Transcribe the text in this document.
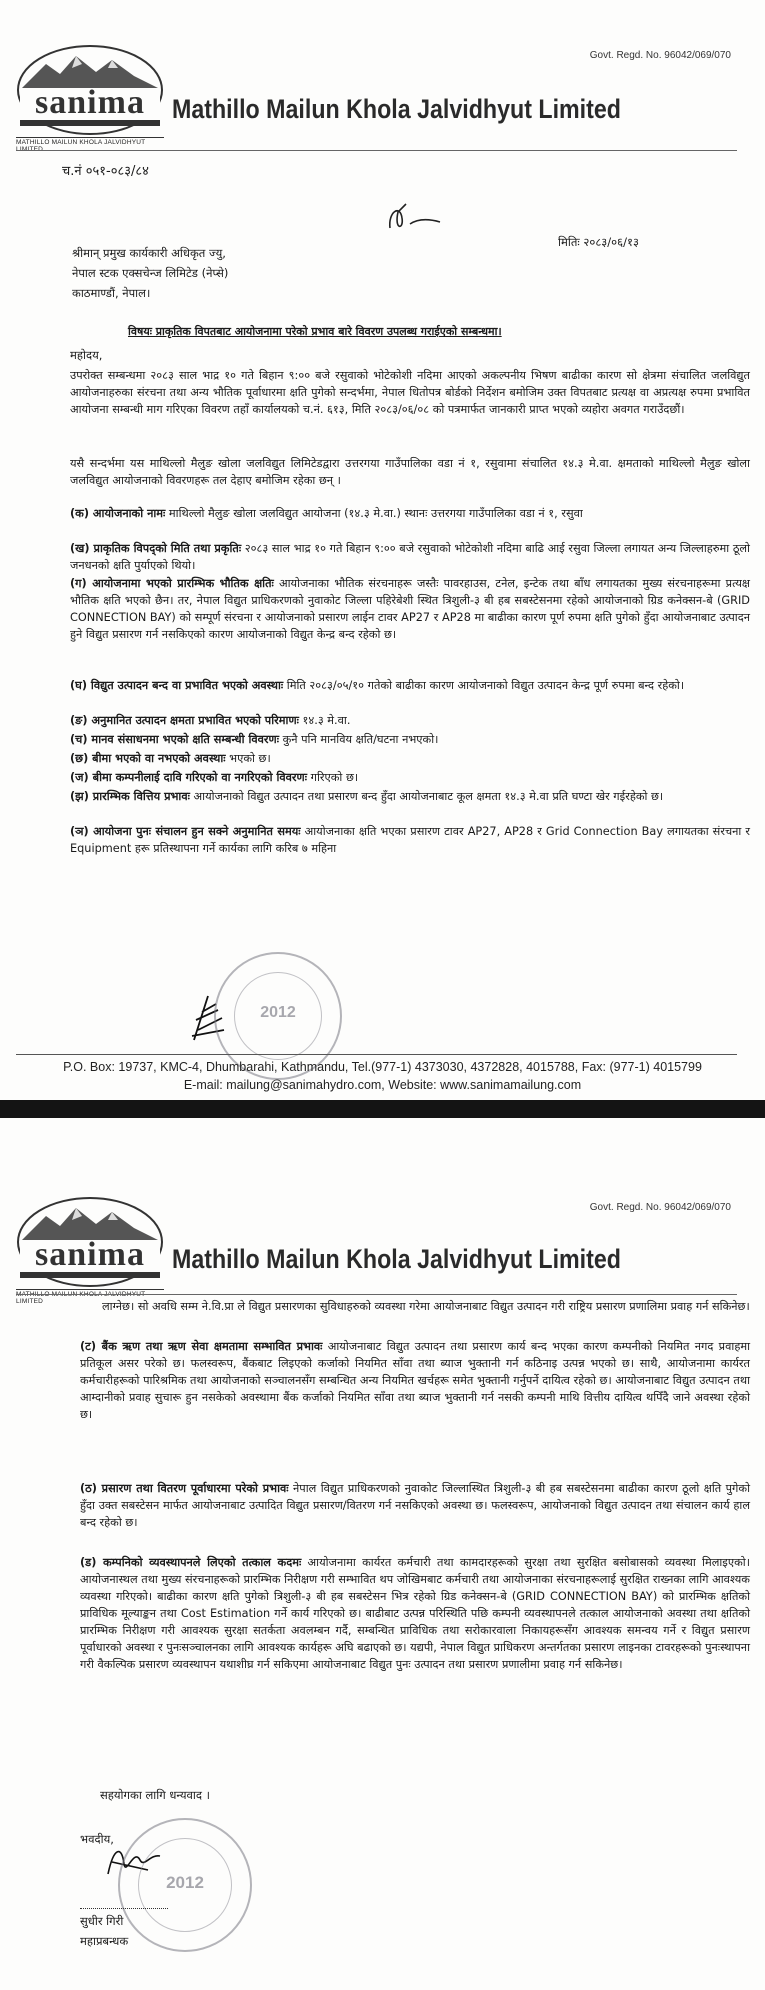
Govt. Regd. No. 96042/069/070
sanima
MATHILLO MAILUN KHOLA JALVIDHYUT
Mathillo Mailun Khola Jalvidhyut Limited
च.नं ०५१-०८३/८४
मितिः २०८३/०६/१३
श्रीमान् प्रमुख कार्यकारी अधिकृत ज्यु,
नेपाल स्टक एक्सचेन्ज लिमिटेड (नेप्से)
काठमाण्डौं, नेपाल।
विषयः प्राकृतिक विपतबाट आयोजनामा परेको प्रभाव बारे विवरण उपलब्ध गराईएको सम्बन्धमा।
महोदय,
उपरोक्त सम्बन्धमा २०८३ साल भाद्र १० गते बिहान ९:०० बजे रसुवाको भोटेकोशी नदिमा आएको अकल्पनीय भिषण बाढीका कारण सो क्षेत्रमा संचालित जलविद्युत आयोजनाहरुका संरचना तथा अन्य भौतिक पूर्वाधारमा क्षति पुगेको सन्दर्भमा, नेपाल धितोपत्र बोर्डको निर्देशन बमोजिम उक्त विपतबाट प्रत्यक्ष वा अप्रत्यक्ष रुपमा प्रभावित आयोजना सम्बन्धी माग गरिएका विवरण तहाँ कार्यालयको च.नं. ६१३, मिति २०८३/०६/०८ को पत्रमार्फत जानकारी प्राप्त भएको व्यहोरा अवगत गराउँदछौं।
यसै सन्दर्भमा यस माथिल्लो मैलुङ खोला जलविद्युत लिमिटेडद्वारा उत्तरगया गाउँपालिका वडा नं १, रसुवामा संचालित १४.३ मे.वा. क्षमताको माथिल्लो मैलुङ खोला जलविद्युत आयोजनाको विवरणहरू तल देहाए बमोजिम रहेका छन् ।
(क) आयोजनाको नामः माथिल्लो मैलुङ खोला जलविद्युत आयोजना (१४.३ मे.वा.) स्थानः उत्तरगया गाउँपालिका वडा नं १, रसुवा
(ख) प्राकृतिक विपद्को मिति तथा प्रकृतिः २०८३ साल भाद्र १० गते बिहान ९:०० बजे रसुवाको भोटेकोशी नदिमा बाढि आई रसुवा जिल्ला लगायत अन्य जिल्लाहरुमा ठूलो जनधनको क्षति पुर्याएको थियो।
(ग) आयोजनामा भएको प्रारम्भिक भौतिक क्षतिः आयोजनाका भौतिक संरचनाहरू जस्तैः पावरहाउस, टनेल, इन्टेक तथा बाँध लगायतका मुख्य संरचनाहरूमा प्रत्यक्ष भौतिक क्षति भएको छैन। तर, नेपाल विद्युत प्राधिकरणको नुवाकोट जिल्ला पहिरेबेशी स्थित त्रिशुली-३ बी हब सबस्टेसनमा रहेको आयोजनाको ग्रिड कनेक्सन-बे (GRID CONNECTION BAY) को सम्पूर्ण संरचना र आयोजनाको प्रसारण लाईन टावर AP27 र AP28 मा बाढीका कारण पूर्ण रुपमा क्षति पुगेको हुँदा आयोजनाबाट उत्पादन हुने विद्युत प्रसारण गर्न नसकिएको कारण आयोजनाको विद्युत केन्द्र बन्द रहेको छ।
(घ) विद्युत उत्पादन बन्द वा प्रभावित भएको अवस्थाः मिति २०८३/०५/१० गतेको बाढीका कारण आयोजनाको विद्युत उत्पादन केन्द्र पूर्ण रुपमा बन्द रहेको।
(ङ) अनुमानित उत्पादन क्षमता प्रभावित भएको परिमाणः १४.३ मे.वा.
(च) मानव संसाधनमा भएको क्षति सम्बन्धी विवरणः कुनै पनि मानविय क्षति/घटना नभएको।
(छ) बीमा भएको वा नभएको अवस्थाः भएको छ।
(ज) बीमा कम्पनीलाई दावि गरिएको वा नगरिएको विवरणः गरिएको छ।
(झ) प्रारम्भिक वित्तिय प्रभावः आयोजनाको विद्युत उत्पादन तथा प्रसारण बन्द हुँदा आयोजनाबाट कूल क्षमता १४.३ मे.वा प्रति घण्टा खेर गईरहेको छ।
(ञ) आयोजना पुनः संचालन हुन सक्ने अनुमानित समयः आयोजनाका क्षति भएका प्रसारण टावर AP27, AP28 र Grid Connection Bay लगायतका संरचना र Equipment हरू प्रतिस्थापना गर्ने कार्यका लागि करिब ७ महिना
2012
P.O. Box: 19737, KMC-4, Dhumbarahi, Kathmandu, Tel.(977-1) 4373030, 4372828, 4015788, Fax: (977-1) 4015799
E-mail: mailung@sanimahydro.com, Website: www.sanimamailung.com
Govt. Regd. No. 96042/069/070
sanima
LIMITED
Mathillo Mailun Khola Jalvidhyut Limited
लाग्नेछ। सो अवधि सम्म ने.वि.प्रा ले विद्युत प्रसारणका सुविधाहरुको व्यवस्था गरेमा आयोजनाबाट विद्युत उत्पादन गरी राष्ट्रिय प्रसारण प्रणालिमा प्रवाह गर्न सकिनेछ।
(ट) बैंक ऋण तथा ऋण सेवा क्षमतामा सम्भावित प्रभावः आयोजनाबाट विद्युत उत्पादन तथा प्रसारण कार्य बन्द भएका कारण कम्पनीको नियमित नगद प्रवाहमा प्रतिकूल असर परेको छ। फलस्वरूप, बैंकबाट लिइएको कर्जाको नियमित साँवा तथा ब्याज भुक्तानी गर्न कठिनाइ उत्पन्न भएको छ। साथै, आयोजनामा कार्यरत कर्मचारीहरूको पारिश्रमिक तथा आयोजनाको सञ्चालनसँग सम्बन्धित अन्य नियमित खर्चहरू समेत भुक्तानी गर्नुपर्ने दायित्व रहेको छ। आयोजनाबाट विद्युत उत्पादन तथा आम्दानीको प्रवाह सुचारू हुन नसकेको अवस्थामा बैंक कर्जाको नियमित साँवा तथा ब्याज भुक्तानी गर्न नसकी कम्पनी माथि वित्तीय दायित्व थपिँदै जाने अवस्था रहेको छ।
(ठ) प्रसारण तथा वितरण पूर्वाधारमा परेको प्रभावः नेपाल विद्युत प्राधिकरणको नुवाकोट जिल्लास्थित त्रिशुली-३ बी हब सबस्टेसनमा बाढीका कारण ठूलो क्षति पुगेको हुँदा उक्त सबस्टेसन मार्फत आयोजनाबाट उत्पादित विद्युत प्रसारण/वितरण गर्न नसकिएको अवस्था छ। फलस्वरूप, आयोजनाको विद्युत उत्पादन तथा संचालन कार्य हाल बन्द रहेको छ।
(ड) कम्पनिको व्यवस्थापनले लिएको तत्काल कदमः आयोजनामा कार्यरत कर्मचारी तथा कामदारहरूको सुरक्षा तथा सुरक्षित बसोबासको व्यवस्था मिलाइएको। आयोजनास्थल तथा मुख्य संरचनाहरूको प्रारम्भिक निरीक्षण गरी सम्भावित थप जोखिमबाट कर्मचारी तथा आयोजनाका संरचनाहरूलाई सुरक्षित राख्नका लागि आवश्यक व्यवस्था गरिएको। बाढीका कारण क्षति पुगेको त्रिशुली-३ बी हब सबस्टेसन भित्र रहेको ग्रिड कनेक्सन-बे (GRID CONNECTION BAY) को प्रारम्भिक क्षतिको प्राविधिक मूल्याङ्कन तथा Cost Estimation गर्ने कार्य गरिएको छ। बाढीबाट उत्पन्न परिस्थिति पछि कम्पनी व्यवस्थापनले तत्काल आयोजनाको अवस्था तथा क्षतिको प्रारम्भिक निरीक्षण गरी आवश्यक सुरक्षा सतर्कता अवलम्बन गर्दै, सम्बन्धित प्राविधिक तथा सरोकारवाला निकायहरूसँग आवश्यक समन्वय गर्ने र विद्युत प्रसारण पूर्वाधारको अवस्था र पुनःसञ्चालनका लागि आवश्यक कार्यहरू अघि बढाएको छ। यद्यपी, नेपाल विद्युत प्राधिकरण अन्तर्गतका प्रसारण लाइनका टावरहरूको पुनःस्थापना गरी वैकल्पिक प्रसारण व्यवस्थापन यथाशीघ्र गर्न सकिएमा आयोजनाबाट विद्युत पुनः उत्पादन तथा प्रसारण प्रणालीमा प्रवाह गर्न सकिनेछ।
सहयोगका लागि धन्यवाद ।
भवदीय,
2012
सुधीर गिरी
महाप्रबन्धक
